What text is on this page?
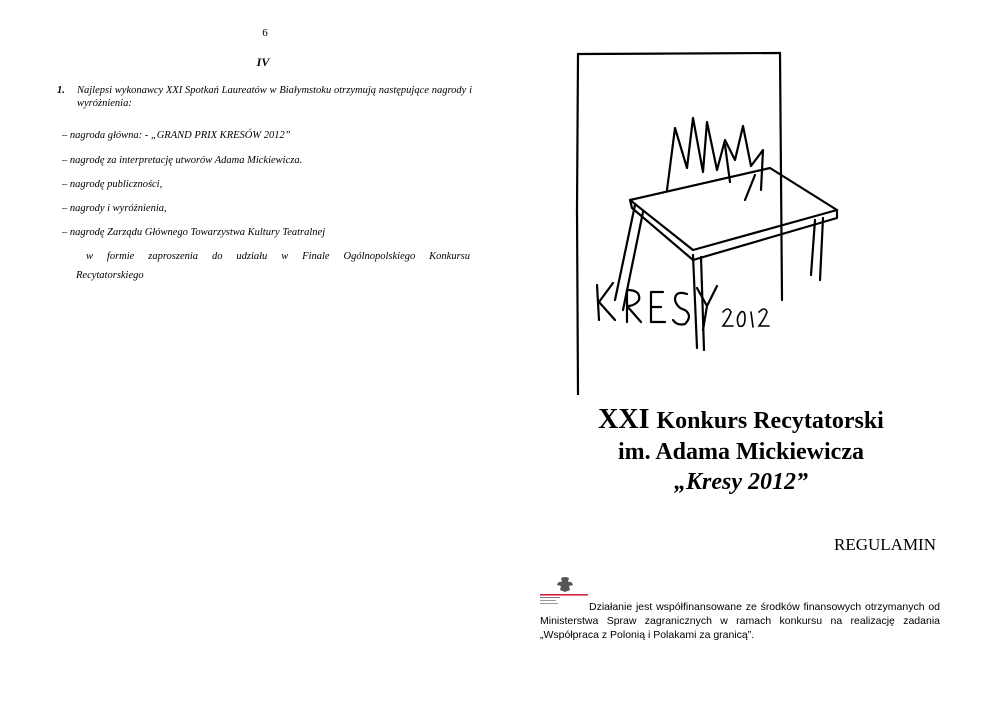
6
IV
1. Najlepsi wykonawcy XXI Spotkań Laureatów w Białymstoku otrzymują następujące nagrody i wyróżnienia:
– nagroda główna: - „GRAND PRIX KRESÓW 2012”
– nagrodę za interpretację utworów Adama Mickiewicza.
– nagrodę publiczności,
– nagrody i wyróżnienia,
– nagrodę Zarządu Głównego Towarzystwa Kultury Teatralnej
w formie zaproszenia do udziału w Finale Ogólnopolskiego Konkursu
Recytatorskiego
XXI Konkurs Recytatorski
im. Adama Mickiewicza
„Kresy 2012”
REGULAMIN
Działanie jest współfinansowane ze środków finansowych otrzymanych od Ministerstwa Spraw zagranicznych w ramach konkursu na realizację zadania „Współpraca z Polonią i Polakami za granicą”.
